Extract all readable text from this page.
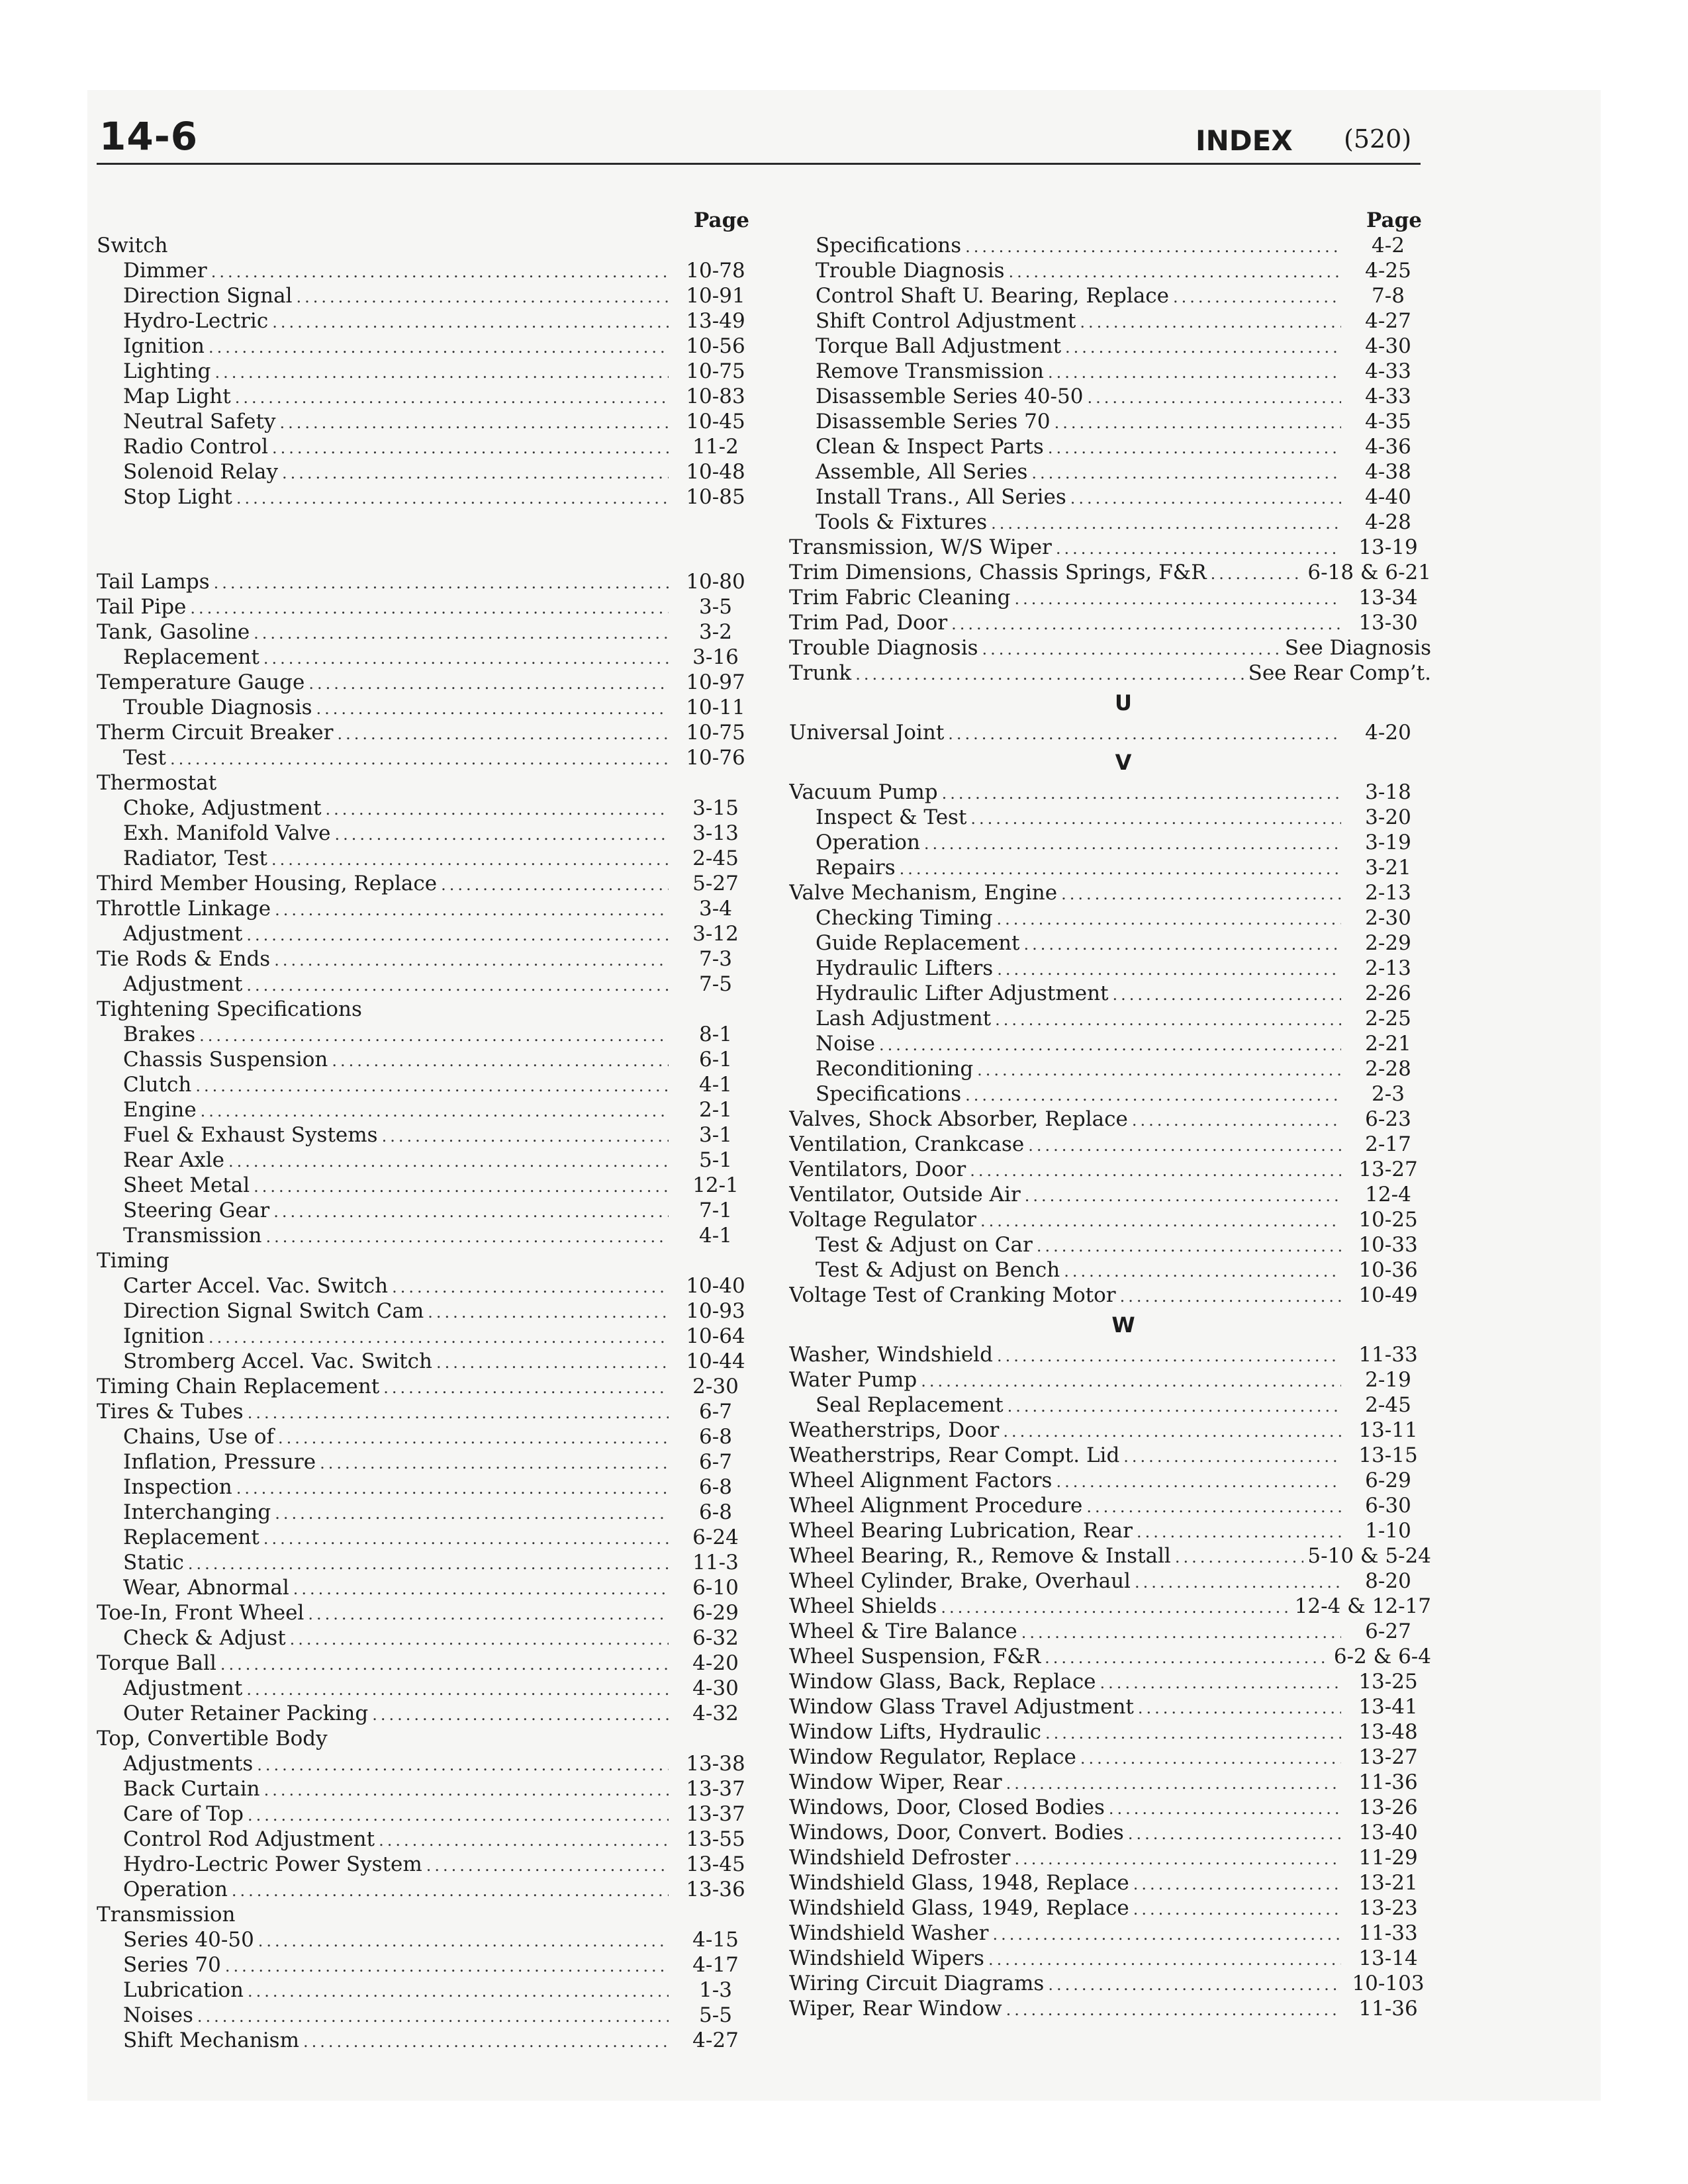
14-6	INDEX (520)
Page
Switch
Dimmer .....	10-78
Direction Signal .....	10-91
Hydro-Lectric .....	13-49
Ignition .....	10-56
Lighting .....	10-75
Map Light .....	10-83
Neutral Safety .....	10-45
Radio Control .....	11-2
Solenoid Relay .....	10-48
Stop Light .....	10-85
Tail Lamps .....	10-80
Tail Pipe .....	3-5
Tank, Gasoline .....	3-2
Replacement .....	3-16
Temperature Gauge .....	10-97
Trouble Diagnosis .....	10-11
Therm Circuit Breaker .....	10-75
Test .....	10-76
Thermostat
Choke, Adjustment .....	3-15
Exh. Manifold Valve .....	3-13
Radiator, Test .....	2-45
Third Member Housing, Replace .....	5-27
Throttle Linkage .....	3-4
Adjustment .....	3-12
Tie Rods & Ends .....	7-3
Adjustment .....	7-5
Tightening Specifications
Brakes .....	8-1
Chassis Suspension .....	6-1
Clutch .....	4-1
Engine .....	2-1
Fuel & Exhaust Systems .....	3-1
Rear Axle .....	5-1
Sheet Metal .....	12-1
Steering Gear .....	7-1
Transmission .....	4-1
Timing
Carter Accel. Vac. Switch .....	10-40
Direction Signal Switch Cam .....	10-93
Ignition .....	10-64
Stromberg Accel. Vac. Switch .....	10-44
Timing Chain Replacement .....	2-30
Tires & Tubes .....	6-7
Chains, Use of .....	6-8
Inflation, Pressure .....	6-7
Inspection .....	6-8
Interchanging .....	6-8
Replacement .....	6-24
Static .....	11-3
Wear, Abnormal .....	6-10
Toe-In, Front Wheel .....	6-29
Check & Adjust .....	6-32
Torque Ball .....	4-20
Adjustment .....	4-30
Outer Retainer Packing .....	4-32
Top, Convertible Body
Adjustments .....	13-38
Back Curtain .....	13-37
Care of Top .....	13-37
Control Rod Adjustment .....	13-55
Hydro-Lectric Power System .....	13-45
Operation .....	13-36
Transmission
Series 40-50 .....	4-15
Series 70 .....	4-17
Lubrication .....	1-3
Noises .....	5-5
Shift Mechanism .....	4-27
Page
Specifications .....	4-2
Trouble Diagnosis .....	4-25
Control Shaft U. Bearing, Replace .....	7-8
Shift Control Adjustment .....	4-27
Torque Ball Adjustment .....	4-30
Remove Transmission .....	4-33
Disassemble Series 40-50 .....	4-33
Disassemble Series 70 .....	4-35
Clean & Inspect Parts .....	4-36
Assemble, All Series .....	4-38
Install Trans., All Series .....	4-40
Tools & Fixtures .....	4-28
Transmission, W/S Wiper .....	13-19
Trim Dimensions, Chassis Springs, F&R .....	6-18 & 6-21
Trim Fabric Cleaning .....	13-34
Trim Pad, Door .....	13-30
Trouble Diagnosis .....	See Diagnosis
Trunk .....	See Rear Comp’t.
U
Universal Joint .....	4-20
V
Vacuum Pump .....	3-18
Inspect & Test .....	3-20
Operation .....	3-19
Repairs .....	3-21
Valve Mechanism, Engine .....	2-13
Checking Timing .....	2-30
Guide Replacement .....	2-29
Hydraulic Lifters .....	2-13
Hydraulic Lifter Adjustment .....	2-26
Lash Adjustment .....	2-25
Noise .....	2-21
Reconditioning .....	2-28
Specifications .....	2-3
Valves, Shock Absorber, Replace .....	6-23
Ventilation, Crankcase .....	2-17
Ventilators, Door .....	13-27
Ventilator, Outside Air .....	12-4
Voltage Regulator .....	10-25
Test & Adjust on Car .....	10-33
Test & Adjust on Bench .....	10-36
Voltage Test of Cranking Motor .....	10-49
W
Washer, Windshield .....	11-33
Water Pump .....	2-19
Seal Replacement .....	2-45
Weatherstrips, Door .....	13-11
Weatherstrips, Rear Compt. Lid .....	13-15
Wheel Alignment Factors .....	6-29
Wheel Alignment Procedure .....	6-30
Wheel Bearing Lubrication, Rear .....	1-10
Wheel Bearing, R., Remove & Install .....	5-10 & 5-24
Wheel Cylinder, Brake, Overhaul .....	8-20
Wheel Shields .....	12-4 & 12-17
Wheel & Tire Balance .....	6-27
Wheel Suspension, F&R .....	6-2 & 6-4
Window Glass, Back, Replace .....	13-25
Window Glass Travel Adjustment .....	13-41
Window Lifts, Hydraulic .....	13-48
Window Regulator, Replace .....	13-27
Window Wiper, Rear .....	11-36
Windows, Door, Closed Bodies .....	13-26
Windows, Door, Convert. Bodies .....	13-40
Windshield Defroster .....	11-29
Windshield Glass, 1948, Replace .....	13-21
Windshield Glass, 1949, Replace .....	13-23
Windshield Washer .....	11-33
Windshield Wipers .....	13-14
Wiring Circuit Diagrams .....	10-103
Wiper, Rear Window .....	11-36
